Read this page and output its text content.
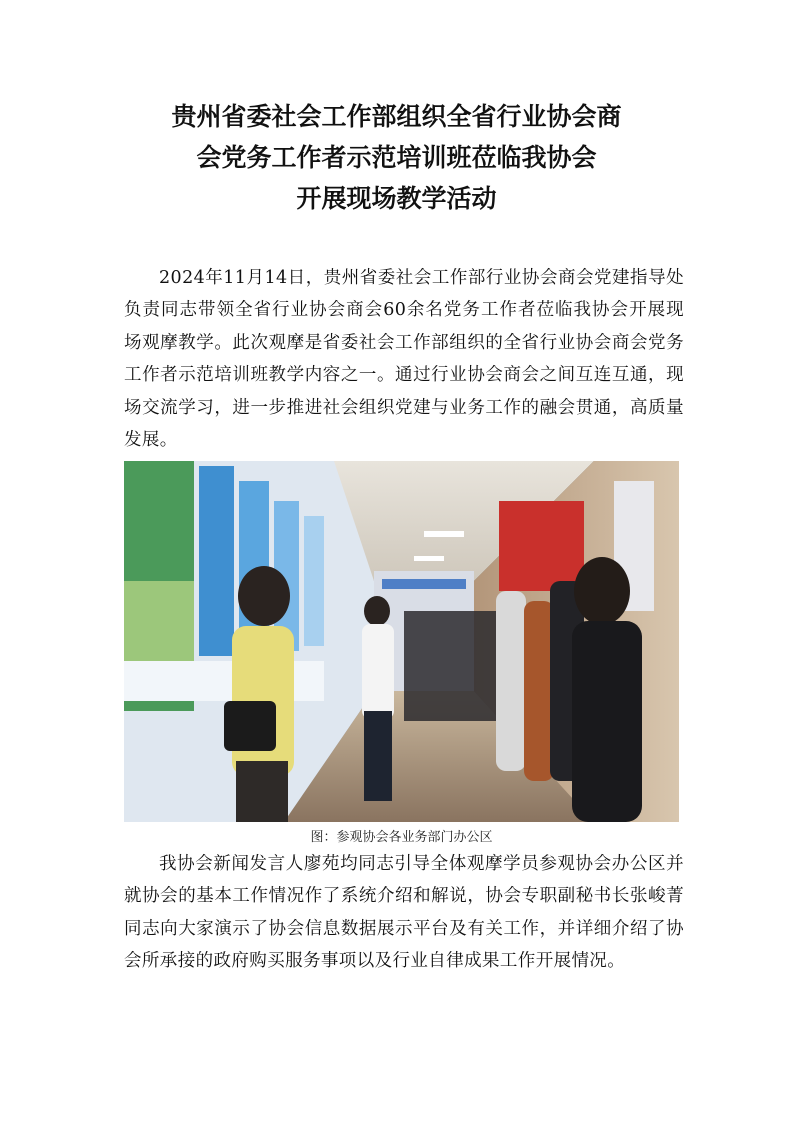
贵州省委社会工作部组织全省行业协会商
会党务工作者示范培训班莅临我协会
开展现场教学活动

2024年11月14日，贵州省委社会工作部行业协会商会党建指导处负责同志带领全省行业协会商会60余名党务工作者莅临我协会开展现场观摩教学。此次观摩是省委社会工作部组织的全省行业协会商会党务工作者示范培训班教学内容之一。通过行业协会商会之间互连互通，现场交流学习，进一步推进社会组织党建与业务工作的融会贯通，高质量发展。

图：参观协会各业务部门办公区

我协会新闻发言人廖苑均同志引导全体观摩学员参观协会办公区并就协会的基本工作情况作了系统介绍和解说，协会专职副秘书长张峻菁同志向大家演示了协会信息数据展示平台及有关工作，并详细介绍了协会所承接的政府购买服务事项以及行业自律成果工作开展情况。
